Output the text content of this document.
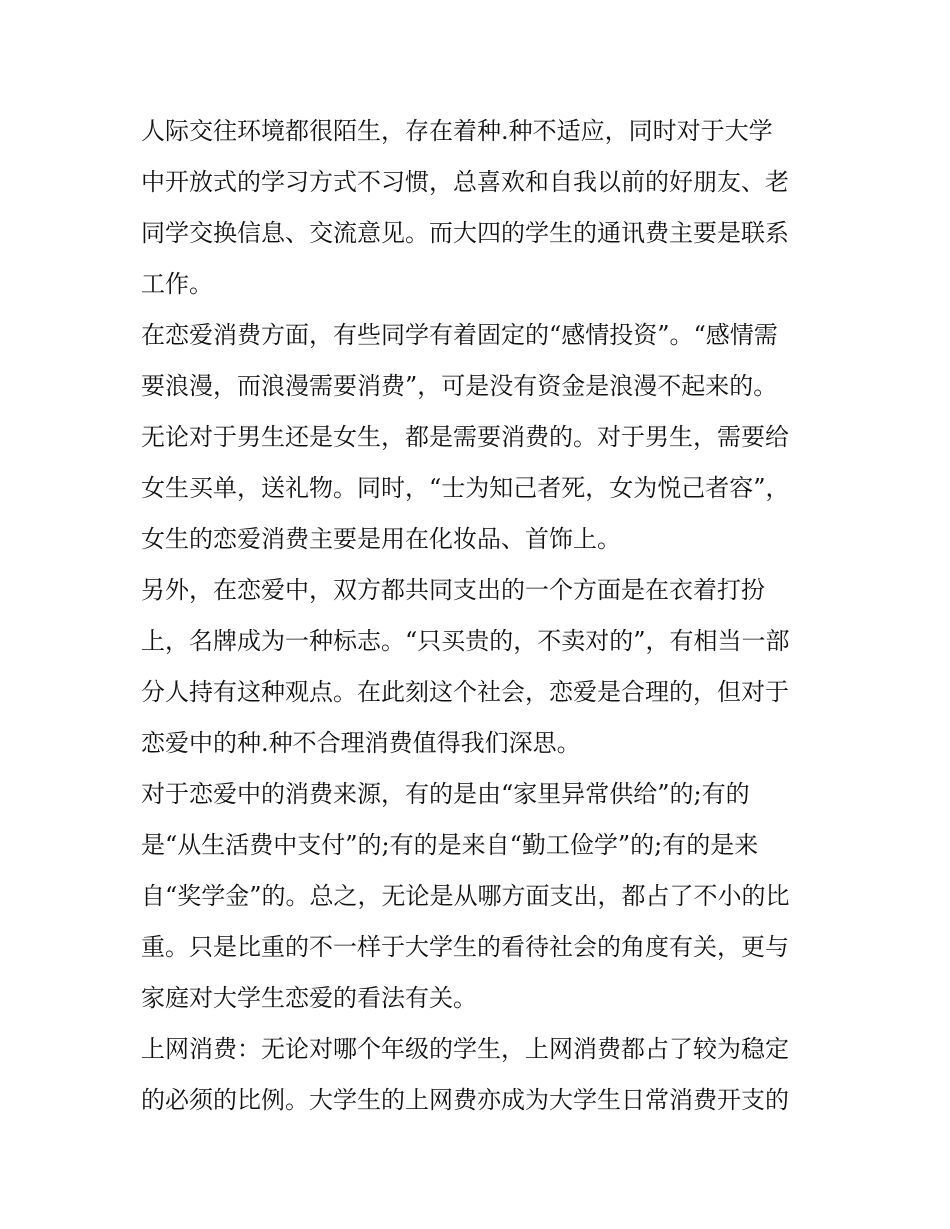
人际交往环境都很陌生，存在着种.种不适应，同时对于大学
中开放式的学习方式不习惯，总喜欢和自我以前的好朋友、老
同学交换信息、交流意见。而大四的学生的通讯费主要是联系
工作。
在恋爱消费方面，有些同学有着固定的“感情投资”。“感情需
要浪漫，而浪漫需要消费”，可是没有资金是浪漫不起来的。
无论对于男生还是女生，都是需要消费的。对于男生，需要给
女生买单，送礼物。同时，“士为知己者死，女为悦己者容”，
女生的恋爱消费主要是用在化妆品、首饰上。
另外，在恋爱中，双方都共同支出的一个方面是在衣着打扮
上，名牌成为一种标志。“只买贵的，不卖对的”，有相当一部
分人持有这种观点。在此刻这个社会，恋爱是合理的，但对于
恋爱中的种.种不合理消费值得我们深思。
对于恋爱中的消费来源，有的是由“家里异常供给”的;有的
是“从生活费中支付”的;有的是来自“勤工俭学”的;有的是来
自“奖学金”的。总之，无论是从哪方面支出，都占了不小的比
重。只是比重的不一样于大学生的看待社会的角度有关，更与
家庭对大学生恋爱的看法有关。
上网消费：无论对哪个年级的学生，上网消费都占了较为稳定
的必须的比例。大学生的上网费亦成为大学生日常消费开支的
